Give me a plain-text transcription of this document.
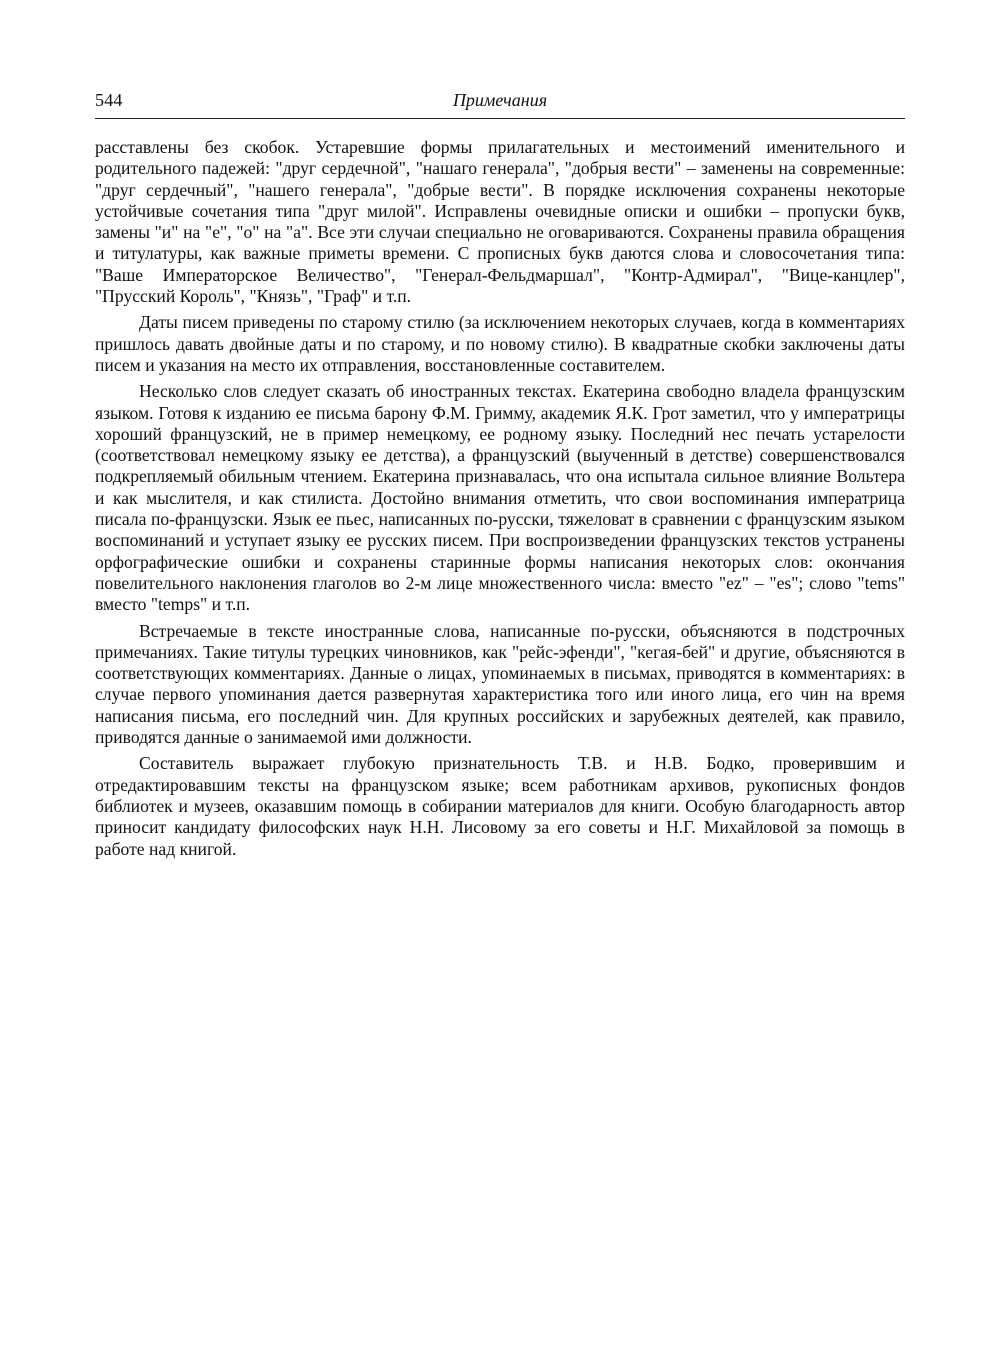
544	Примечания

расставлены без скобок. Устаревшие формы прилагательных и местоимений именительного и родительного падежей: "друг сердечной", "нашаго генерала", "добрыя вести" – заменены на современные: "друг сердечный", "нашего генерала", "добрые вести". В порядке исключения сохранены некоторые устойчивые сочетания типа "друг милой". Исправлены очевидные описки и ошибки – пропуски букв, замены "и" на "е", "о" на "а". Все эти случаи специально не оговариваются. Сохранены правила обращения и титулатуры, как важные приметы времени. С прописных букв даются слова и словосочетания типа: "Ваше Императорское Величество", "Генерал-Фельдмаршал", "Контр-Адмирал", "Вице-канцлер", "Прусский Король", "Князь", "Граф" и т.п.

Даты писем приведены по старому стилю (за исключением некоторых случаев, когда в комментариях пришлось давать двойные даты и по старому, и по новому стилю). В квадратные скобки заключены даты писем и указания на место их отправления, восстановленные составителем.

Несколько слов следует сказать об иностранных текстах. Екатерина свободно владела французским языком. Готовя к изданию ее письма барону Ф.М. Гримму, академик Я.К. Грот заметил, что у императрицы хороший французский, не в пример немецкому, ее родному языку. Последний нес печать устарелости (соответствовал немецкому языку ее детства), а французский (выученный в детстве) совершенствовался подкрепляемый обильным чтением. Екатерина признавалась, что она испытала сильное влияние Вольтера и как мыслителя, и как стилиста. Достойно внимания отметить, что свои воспоминания императрица писала по-французски. Язык ее пьес, написанных по-русски, тяжеловат в сравнении с французским языком воспоминаний и уступает языку ее русских писем. При воспроизведении французских текстов устранены орфографические ошибки и сохранены старинные формы написания некоторых слов: окончания повелительного наклонения глаголов во 2-м лице множественного числа: вместо "ez" – "es"; слово "tems" вместо "temps" и т.п.

Встречаемые в тексте иностранные слова, написанные по-русски, объясняются в подстрочных примечаниях. Такие титулы турецких чиновников, как "рейс-эфенди", "кегая-бей" и другие, объясняются в соответствующих комментариях. Данные о лицах, упоминаемых в письмах, приводятся в комментариях: в случае первого упоминания дается развернутая характеристика того или иного лица, его чин на время написания письма, его последний чин. Для крупных российских и зарубежных деятелей, как правило, приводятся данные о занимаемой ими должности.

Составитель выражает глубокую признательность Т.В. и Н.В. Бодко, проверившим и отредактировавшим тексты на французском языке; всем работникам архивов, рукописных фондов библиотек и музеев, оказавшим помощь в собирании материалов для книги. Особую благодарность автор приносит кандидату философских наук Н.Н. Лисовому за его советы и Н.Г. Михайловой за помощь в работе над книгой.
